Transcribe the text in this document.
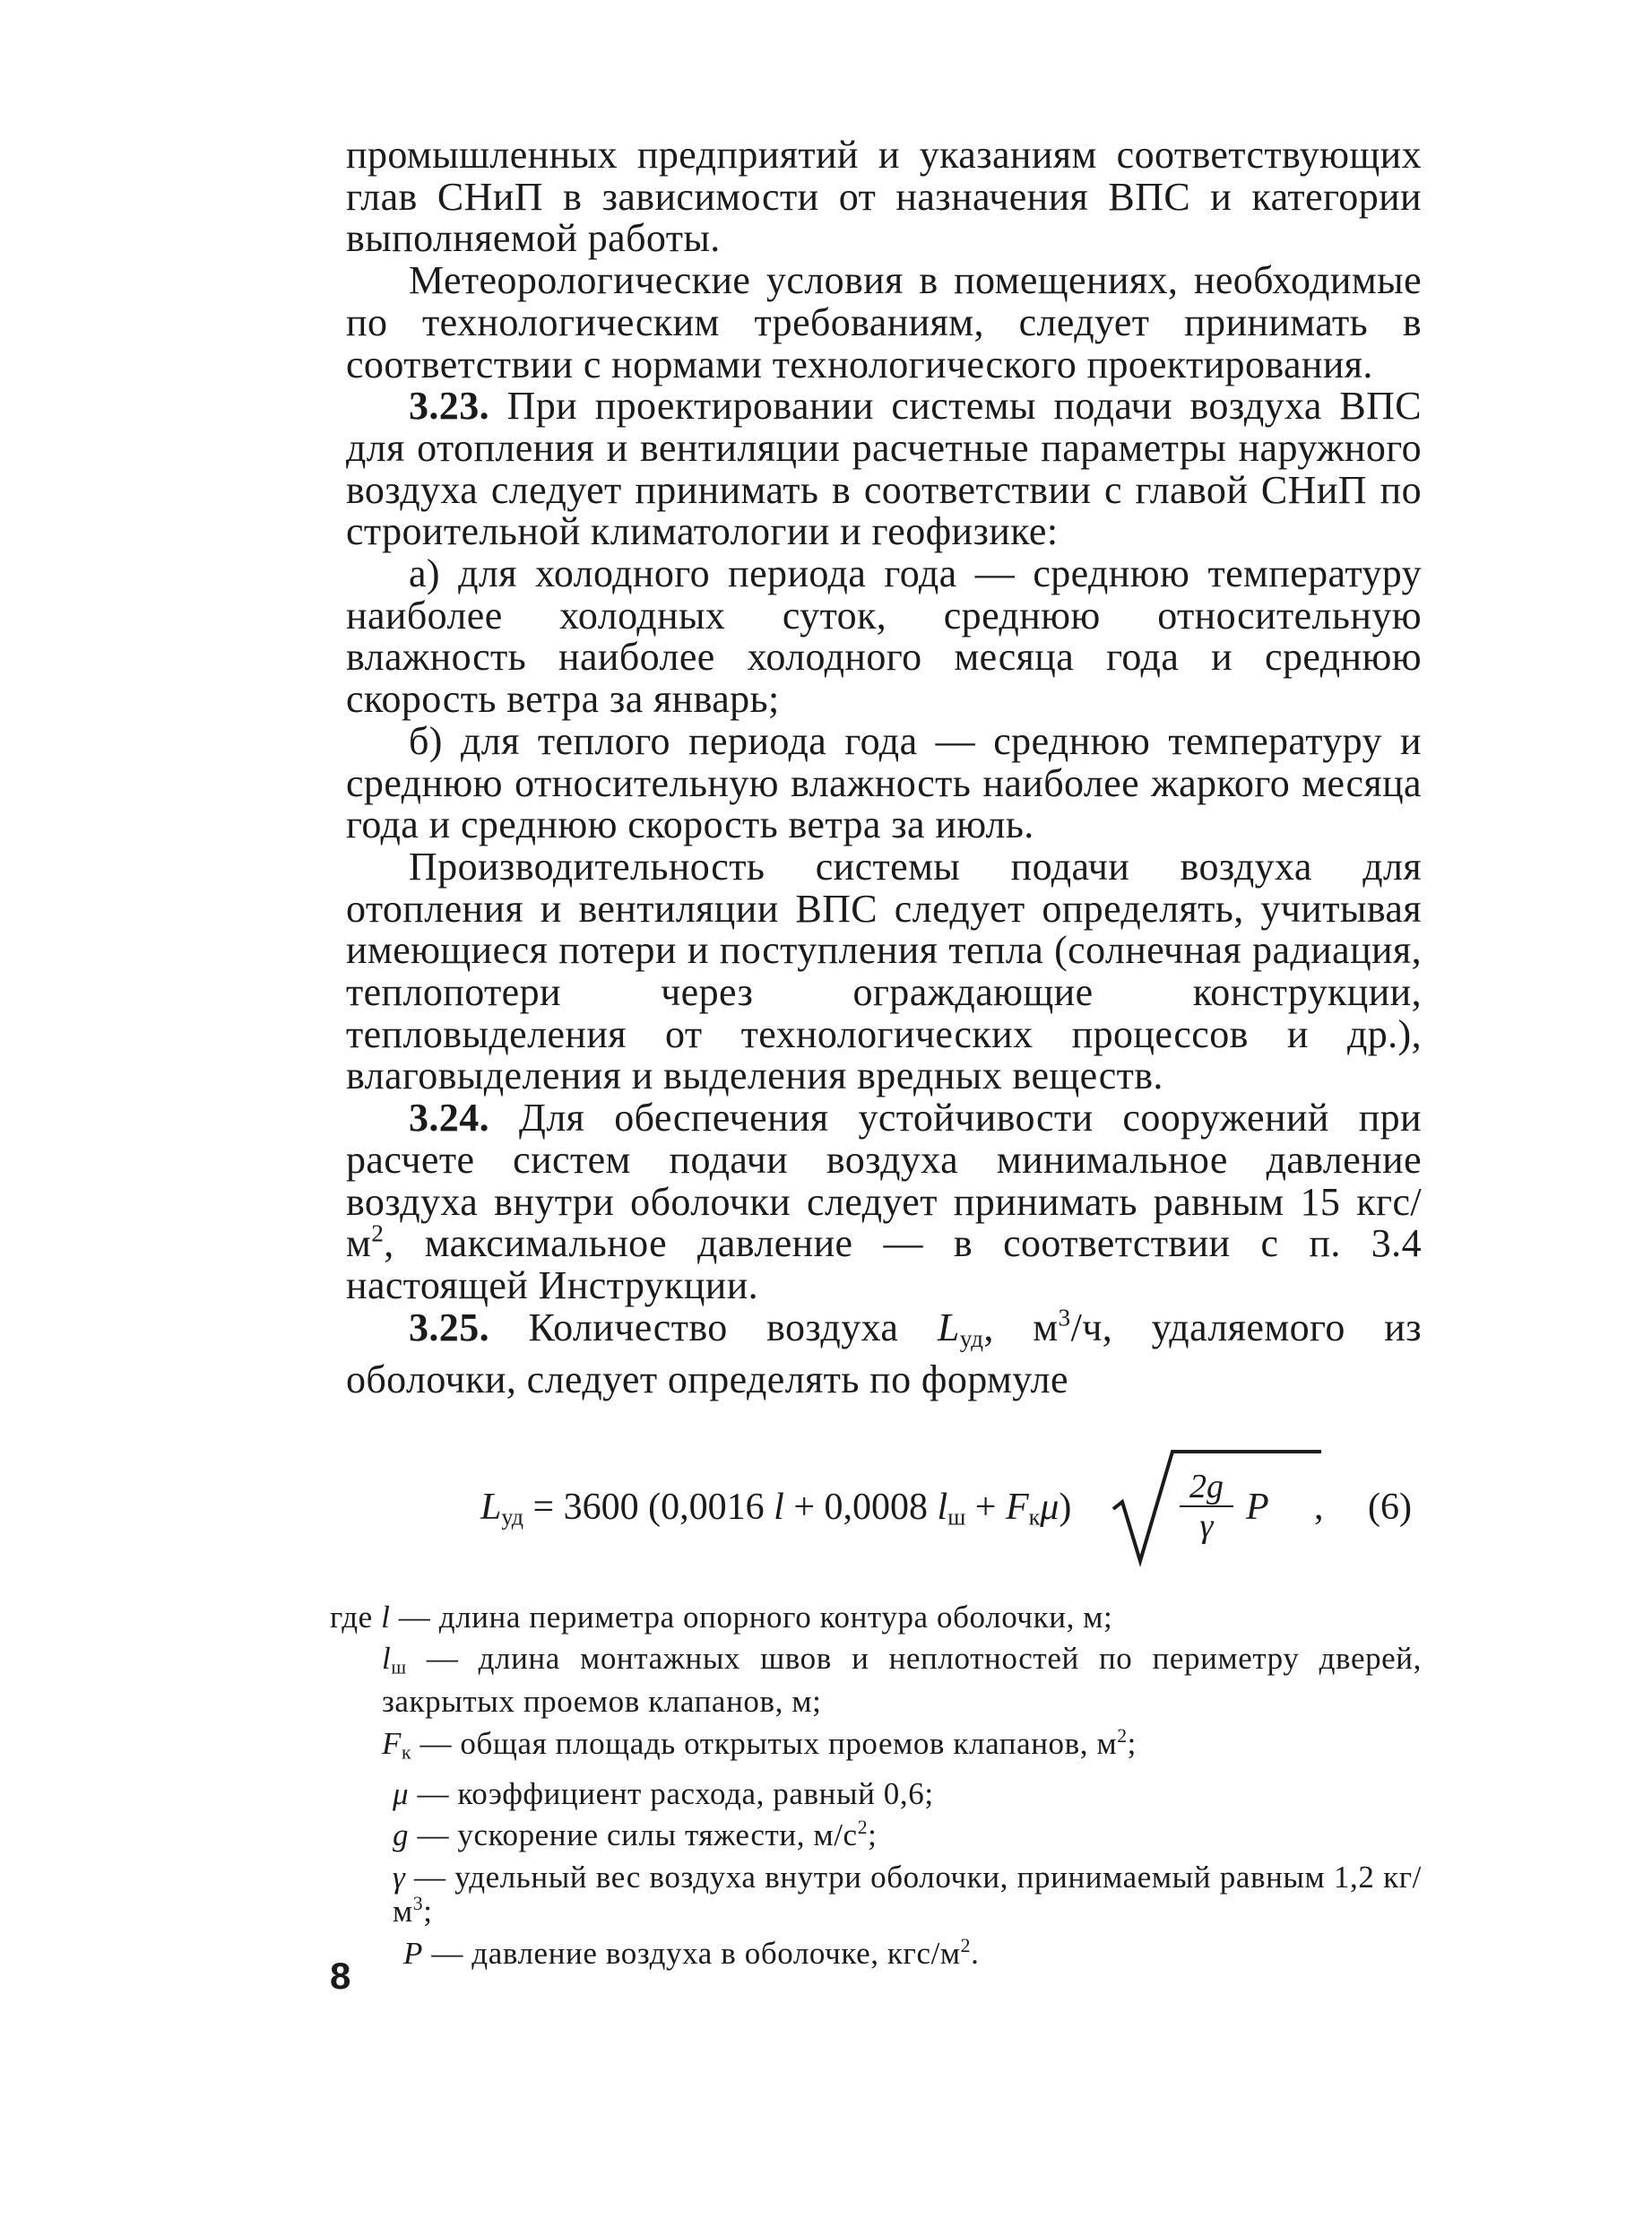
промышленных предприятий и указаниям соответствующих глав СНиП в зависимости от назначения ВПС и категории выполняемой работы.

Метеорологические условия в помещениях, необходимые по технологическим требованиям, следует принимать в соответствии с нормами технологического проектирования.

3.23. При проектировании системы подачи воздуха ВПС для отопления и вентиляции расчетные параметры наружного воздуха следует принимать в соответствии с главой СНиП по строительной климатологии и геофизике:

а) для холодного периода года — среднюю температуру наиболее холодных суток, среднюю относительную влажность наиболее холодного месяца года и среднюю скорость ветра за январь;

б) для теплого периода года — среднюю температуру и среднюю относительную влажность наиболее жаркого месяца года и среднюю скорость ветра за июль.

Производительность системы подачи воздуха для отопления и вентиляции ВПС следует определять, учитывая имеющиеся потери и поступления тепла (солнечная радиация, теплопотери через ограждающие конструкции, тепловыделения от технологических процессов и др.), влаговыделения и выделения вредных веществ.

3.24. Для обеспечения устойчивости сооружений при расчете систем подачи воздуха минимальное давление воздуха внутри оболочки следует принимать равным 15 кгс/$м^2$, максимальное давление — в соответствии с п. 3.4 настоящей Инструкции.

3.25. Количество воздуха $L_{уд}$, $м^3/ч$, удаляемого из оболочки, следует определять по формуле

$L_{уд} = 3600$ (0,0016 l + 0,0008 $l_ш + F_к\mu$)	$\frac{2g}{\gamma}$ P , (6)
где l — длина периметра опорного контура оболочки, м;
$l_ш$ — длина монтажных швов и неплотностей по периметру дверей, закрытых проемов клапанов, м;
$F_к$ — общая площадь открытых проемов клапанов, $м^2$;
μ — коэффициент расхода, равный 0,6;
g — ускорение силы тяжести, $м/с^2$;
γ — удельный вес воздуха внутри оболочки, принимаемый равным 1,2 $кг/м^3$;
P — давление воздуха в оболочке, кгс/$м^2$.
8
